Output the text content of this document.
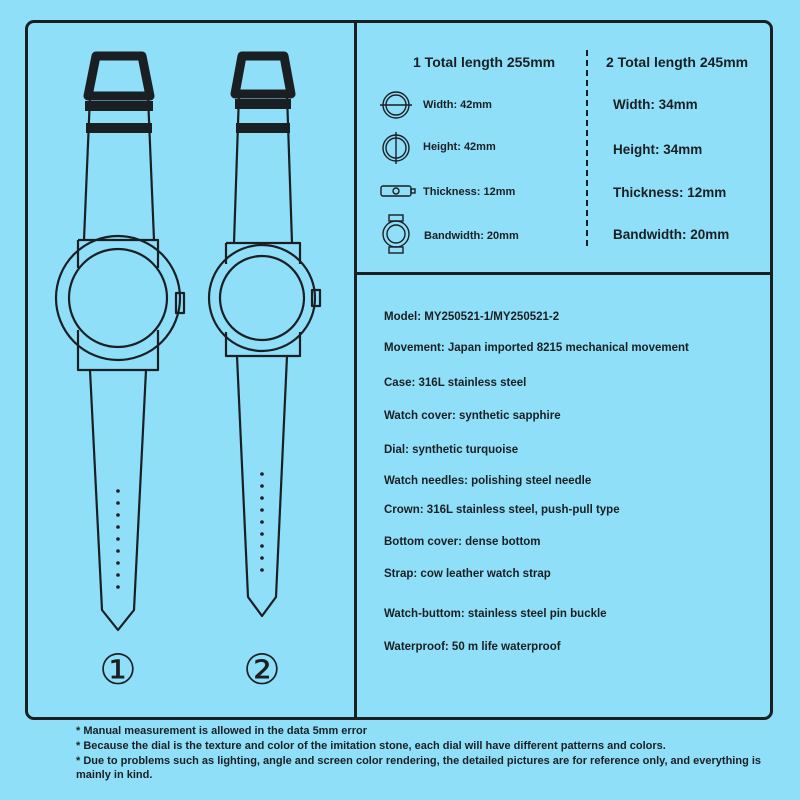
①	②
1 Total length 255mm	2 Total length 245mm
Width: 42mm
Height: 42mm
Thickness: 12mm
Bandwidth: 20mm
Width: 34mm
Height: 34mm
Thickness: 12mm
Bandwidth: 20mm
Model: MY250521-1/MY250521-2
Movement: Japan imported 8215 mechanical movement
Case: 316L stainless steel
Watch cover: synthetic sapphire
Dial: synthetic turquoise
Watch needles: polishing steel needle
Crown: 316L stainless steel, push-pull type
Bottom cover: dense bottom
Strap: cow leather watch strap
Watch-buttom: stainless steel pin buckle
Waterproof: 50 m life waterproof

* Manual measurement is allowed in the data 5mm error

* Because the dial is the texture and color of the imitation stone, each dial will have different patterns and colors.

* Due to problems such as lighting, angle and screen color rendering, the detailed pictures are for reference only, and everything is mainly in kind.
